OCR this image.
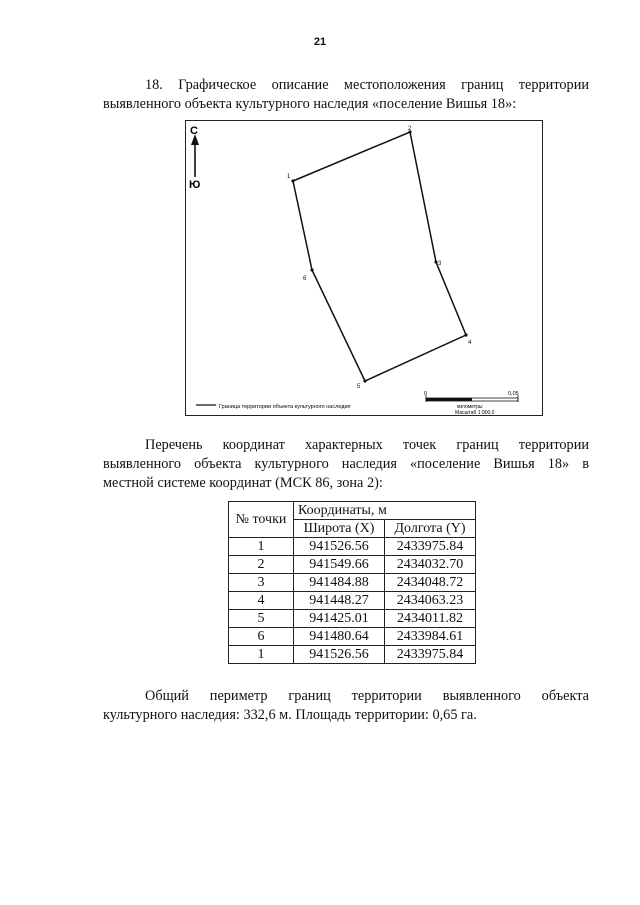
21
18. Графическое описание местоположения границ территории
выявленного объекта культурного наследия «поселение Вишья 18»:
С
Ю
1
2
3
4
5
6
Граница территории объекта культурного наследия
0	0,05
километры
Масштаб 1:900,0
Перечень координат характерных точек границ территории
выявленного объекта культурного наследия «поселение Вишья 18» в
местной системе координат (МСК 86, зона 2):
№ точки	Координаты, м	
	Широта (X)	Долгота (Y)
1	941526.56	2433975.84
2	941549.66	2434032.70
3	941484.88	2434048.72
4	941448.27	2434063.23
5	941425.01	2434011.82
6	941480.64	2433984.61
1	941526.56	2433975.84
Общий периметр границ территории выявленного объекта
культурного наследия: 332,6 м. Площадь территории: 0,65 га.
